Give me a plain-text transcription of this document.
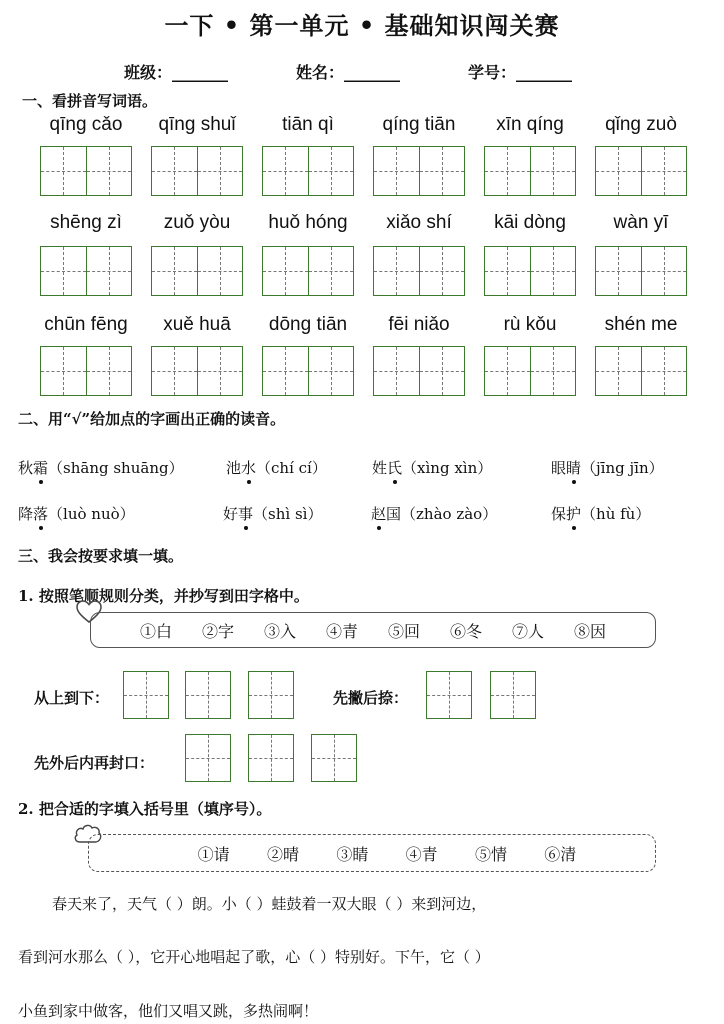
一下 • 第一单元 • 基础知识闯关赛
班级：_______	姓名：_______	学号：_______
一、看拼音写词语。
qīng cǎo	qīng shuǐ	tiān qì	qíng tiān	xīn qíng	qǐng zuò
shēng zì	zuǒ yòu	huǒ hóng	xiǎo shí	kāi dòng	wàn yī
chūn fēng	xuě huā	dōng tiān	fēi niǎo	rù kǒu	shén me
二、用“√”给加点的字画出正确的读音。
秋霜（shāng shuāng）	池水（chí cí）	姓氏（xìng xìn）	眼睛（jīng jīn）
降落（luò nuò）	好事（shì sì）	赵国（zhào zào）	保护（hù fù）
三、我会按要求填一填。
1. 按照笔顺规则分类，并抄写到田字格中。
①白 ②字 ③入 ④青 ⑤回 ⑥冬 ⑦人 ⑧因
从上到下：	先撇后捺：
先外后内再封口：
2. 把合适的字填入括号里（填序号）。
①请 ②晴 ③睛 ④青 ⑤情 ⑥清
春天来了，天气（ ）朗。小（ ）蛙鼓着一双大眼（ ）来到河边，
看到河水那么（ ），它开心地唱起了歌，心（ ）特别好。下午，它（ ）
小鱼到家中做客，他们又唱又跳，多热闹啊！
